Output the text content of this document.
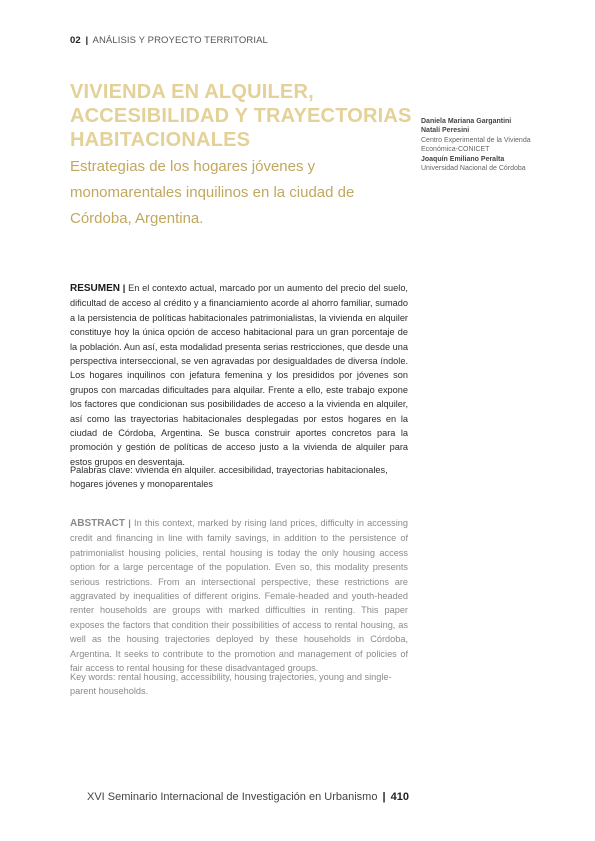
02 | ANÁLISIS Y PROYECTO TERRITORIAL
VIVIENDA EN ALQUILER, ACCESIBILIDAD Y TRAYECTORIAS HABITACIONALES
Estrategias de los hogares jóvenes y monomarentales inquilinos en la ciudad de Córdoba, Argentina.
Daniela Mariana Gargantini
Natalí Peresini
Centro Experimental de la Vivienda Económica-CONICET
Joaquín Emiliano Peralta
Universidad Nacional de Córdoba

RESUMEN | En el contexto actual, marcado por un aumento del precio del suelo, dificultad de acceso al crédito y a financiamiento acorde al ahorro familiar, sumado a la persistencia de políticas habitacionales patrimonialistas, la vivienda en alquiler constituye hoy la única opción de acceso habitacional para un gran porcentaje de la población. Aun así, esta modalidad presenta serias restricciones, que desde una perspectiva interseccional, se ven agravadas por desigualdades de diversa índole. Los hogares inquilinos con jefatura femenina y los presididos por jóvenes son grupos con marcadas dificultades para alquilar. Frente a ello, este trabajo expone los factores que condicionan sus posibilidades de acceso a la vivienda en alquiler, así como las trayectorias habitacionales desplegadas por estos hogares en la ciudad de Córdoba, Argentina. Se busca construir aportes concretos para la promoción y gestión de políticas de acceso justo a la vivienda de alquiler para estos grupos en desventaja.

Palabras clave: vivienda en alquiler. accesibilidad, trayectorias habitacionales, hogares jóvenes y monoparentales

ABSTRACT | In this context, marked by rising land prices, difficulty in accessing credit and financing in line with family savings, in addition to the persistence of patrimonialist housing policies, rental housing is today the only housing access option for a large percentage of the population. Even so, this modality presents serious restrictions. From an intersectional perspective, these restrictions are aggravated by inequalities of different origins. Female-headed and youth-headed renter households are groups with marked difficulties in renting. This paper exposes the factors that condition their possibilities of access to rental housing, as well as the housing trajectories deployed by these households in Córdoba, Argentina. It seeks to contribute to the promotion and management of policies of fair access to rental housing for these disadvantaged groups.

Key words: rental housing, accessibility, housing trajectories, young and single-parent households.

XVI Seminario Internacional de Investigación en Urbanismo | 410
